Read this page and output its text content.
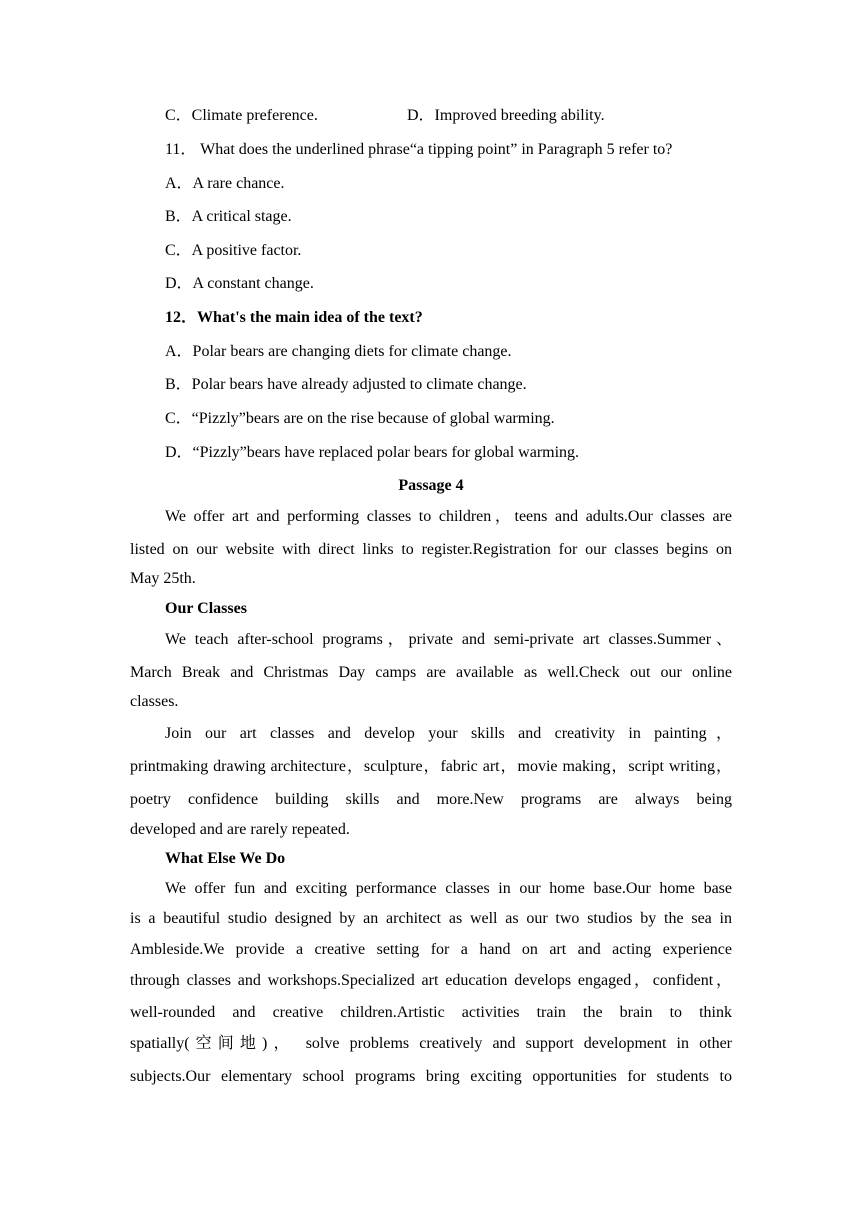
C．Climate preference.	D．Improved breeding ability.
11． What does the underlined phrase“a tipping point” in Paragraph 5 refer to?
A．A rare chance.
B．A critical stage.
C．A positive factor.
D．A constant change.
12．What's the main idea of the text?
A．Polar bears are changing diets for climate change.
B．Polar bears have already adjusted to climate change.
C．“Pizzly”bears are on the rise because of global warming.
D．“Pizzly”bears have replaced polar bears for global warming.
Passage 4
We offer art and performing classes to children，teens and adults.Our classes are
listed on our website with direct links to register.Registration for our classes begins on
May 25th.
Our Classes
We teach after-school programs，private and semi-private art classes.Summer、
March Break and Christmas Day camps are available as well.Check out our online
classes.
Join our art classes and develop your skills and creativity in painting，
printmaking drawing architecture，sculpture，fabric art，movie making，script writing，
poetry confidence building skills and more.New programs are always being
developed and are rarely repeated.
What Else We Do
We offer fun and exciting performance classes in our home base.Our home base
is a beautiful studio designed by an architect as well as our two studios by the sea in
Ambleside.We provide a creative setting for a hand on art and acting experience
through classes and workshops.Specialized art education develops engaged，confident，
well-rounded and creative children.Artistic activities train the brain to think
spatially(空间地)， solve problems creatively and support development in other
subjects.Our elementary school programs bring exciting opportunities for students to
